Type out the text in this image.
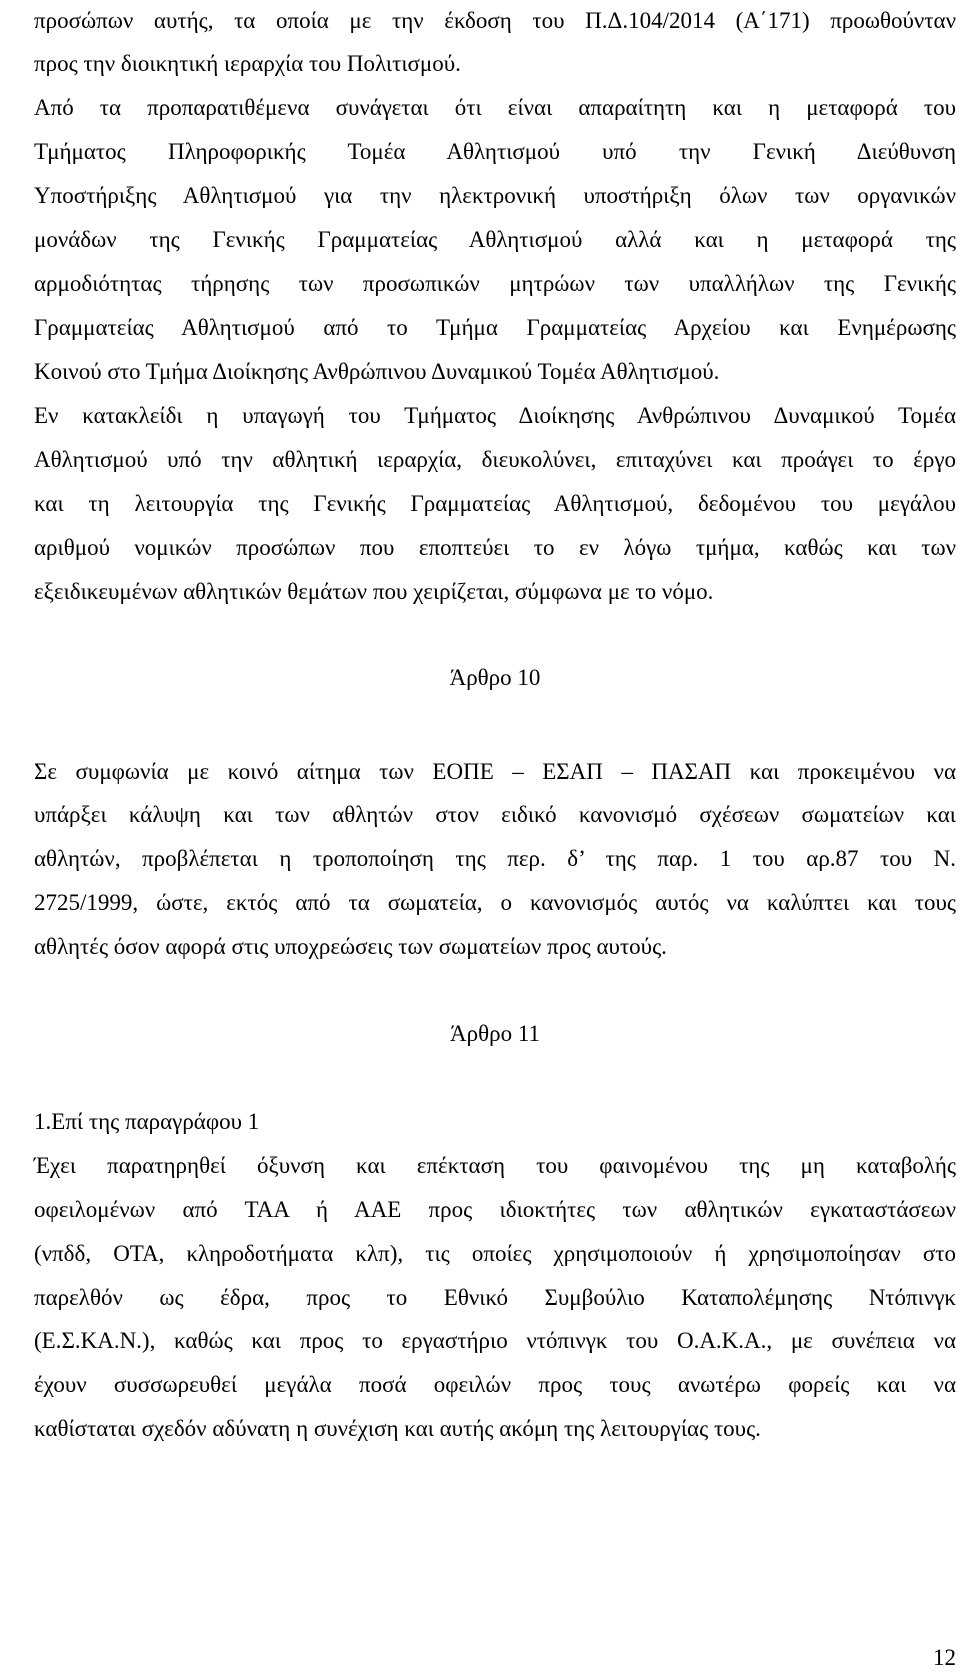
προσώπων αυτής, τα οποία με την έκδοση του Π.Δ.104/2014 (Α΄171) προωθούνταν
προς την διοικητική ιεραρχία του Πολιτισμού.
Από τα προπαρατιθέμενα συνάγεται ότι είναι απαραίτητη και η μεταφορά του
Τμήματος Πληροφορικής Τομέα Αθλητισμού υπό την Γενική Διεύθυνση
Υποστήριξης Αθλητισμού για την ηλεκτρονική υποστήριξη όλων των οργανικών
μονάδων της Γενικής Γραμματείας Αθλητισμού αλλά και η μεταφορά της
αρμοδιότητας τήρησης των προσωπικών μητρώων των υπαλλήλων της Γενικής
Γραμματείας Αθλητισμού από το Τμήμα Γραμματείας Αρχείου και Ενημέρωσης
Κοινού στο Τμήμα Διοίκησης Ανθρώπινου Δυναμικού Τομέα Αθλητισμού.
Εν κατακλείδι η υπαγωγή του Τμήματος Διοίκησης Ανθρώπινου Δυναμικού Τομέα
Αθλητισμού υπό την αθλητική ιεραρχία, διευκολύνει, επιταχύνει και προάγει το έργο
και τη λειτουργία της Γενικής Γραμματείας Αθλητισμού, δεδομένου του μεγάλου
αριθμού νομικών προσώπων που εποπτεύει το εν λόγω τμήμα, καθώς και των
εξειδικευμένων αθλητικών θεμάτων που χειρίζεται, σύμφωνα με το νόμο.
Άρθρο 10
Σε συμφωνία με κοινό αίτημα των ΕΟΠΕ – ΕΣΑΠ – ΠΑΣΑΠ και προκειμένου να
υπάρξει κάλυψη και των αθλητών στον ειδικό κανονισμό σχέσεων σωματείων και
αθλητών, προβλέπεται η τροποποίηση της περ. δ’ της παρ. 1 του αρ.87 του Ν.
2725/1999, ώστε, εκτός από τα σωματεία, ο κανονισμός αυτός να καλύπτει και τους
αθλητές όσον αφορά στις υποχρεώσεις των σωματείων προς αυτούς.
Άρθρο 11
1.Επί της παραγράφου 1
Έχει παρατηρηθεί όξυνση και επέκταση του φαινομένου της μη καταβολής
οφειλομένων από ΤΑΑ ή ΑΑΕ προς ιδιοκτήτες των αθλητικών εγκαταστάσεων
(νπδδ, ΟΤΑ, κληροδοτήματα κλπ), τις οποίες χρησιμοποιούν ή χρησιμοποίησαν στο
παρελθόν ως έδρα, προς το Εθνικό Συμβούλιο Καταπολέμησης Ντόπινγκ
(Ε.Σ.ΚΑ.Ν.), καθώς και προς το εργαστήριο ντόπινγκ του Ο.Α.Κ.Α., με συνέπεια να
έχουν συσσωρευθεί μεγάλα ποσά οφειλών προς τους ανωτέρω φορείς και να
καθίσταται σχεδόν αδύνατη η συνέχιση και αυτής ακόμη της λειτουργίας τους.
12
